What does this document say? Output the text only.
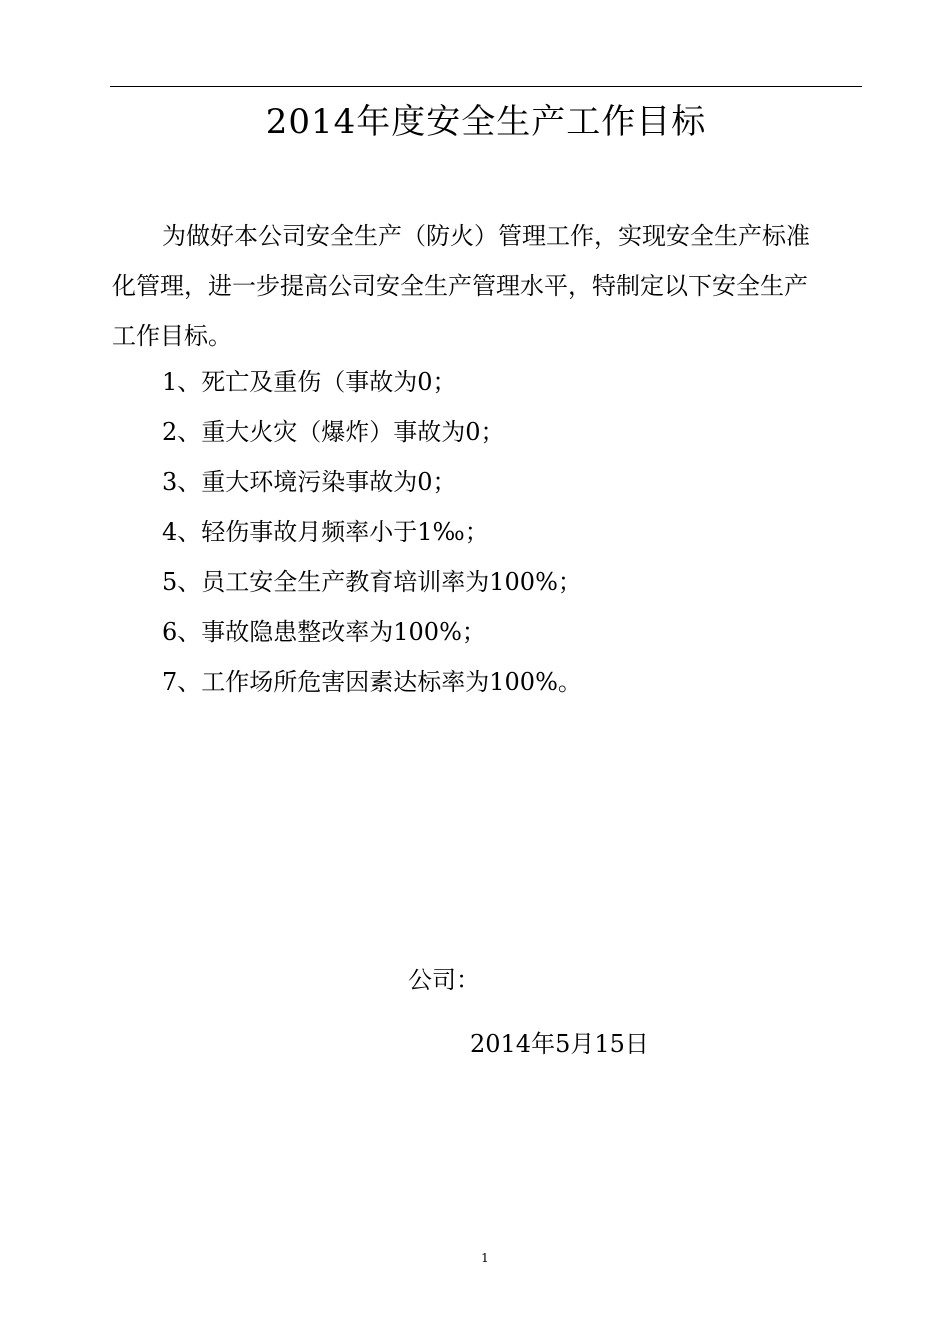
2014年度安全生产工作目标
为做好本公司安全生产（防火）管理工作，实现安全生产标准
化管理，进一步提高公司安全生产管理水平，特制定以下安全生产
工作目标。
1、死亡及重伤（事故为0；
2、重大火灾（爆炸）事故为0；
3、重大环境污染事故为0；
4、轻伤事故月频率小于1‰；
5、员工安全生产教育培训率为100%；
6、事故隐患整改率为100%；
7、工作场所危害因素达标率为100%。
公司：
2014年5月15日
1
